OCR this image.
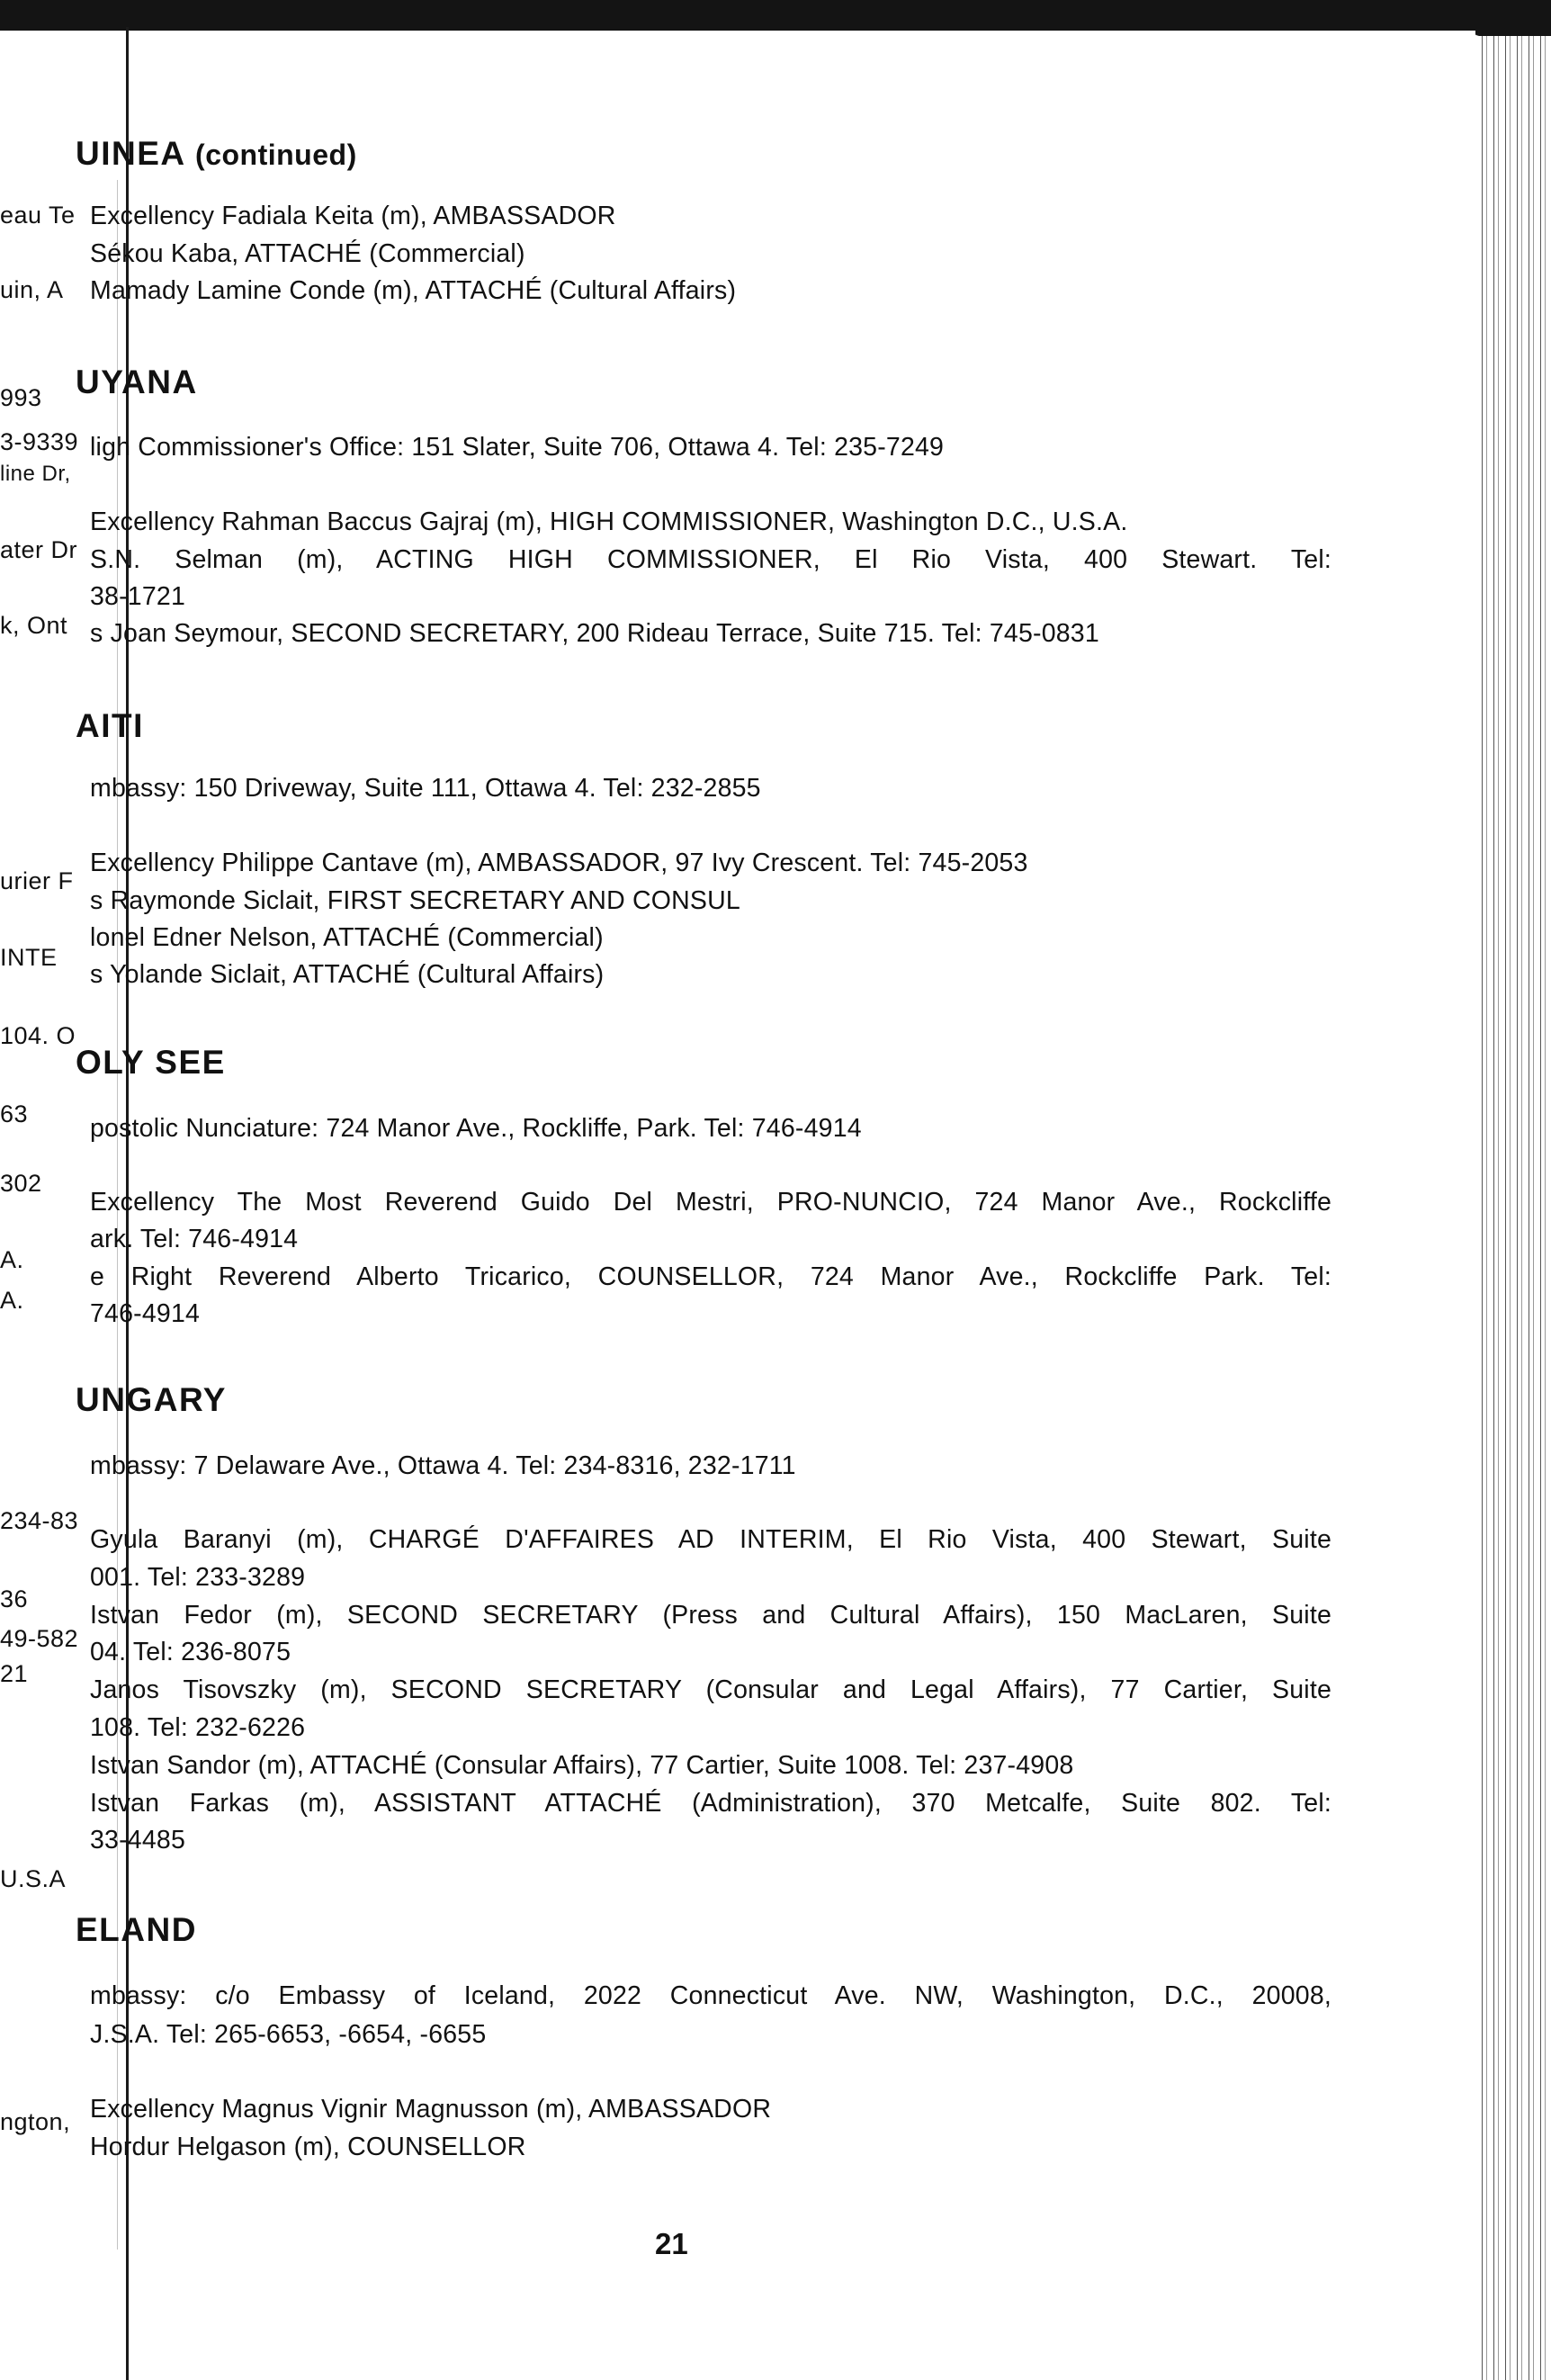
eau Te
uin, A
993
3-9339
line Dr,
ater Dr
k, Ont
urier F
INTE
104. O
63
302
A.
A.
234-83
36
49-582
21
U.S.A
ngton,
UINEA (continued)
Excellency Fadiala Keita (m), AMBASSADOR
Sékou Kaba, ATTACHÉ (Commercial)
Mamady Lamine Conde (m), ATTACHÉ (Cultural Affairs)
UYANA
ligh Commissioner's Office: 151 Slater, Suite 706, Ottawa 4. Tel: 235-7249
Excellency Rahman Baccus Gajraj (m), HIGH COMMISSIONER, Washington D.C., U.S.A.
S.N. Selman (m), ACTING HIGH COMMISSIONER, El Rio Vista, 400 Stewart. Tel:
38-1721
s Joan Seymour, SECOND SECRETARY, 200 Rideau Terrace, Suite 715. Tel: 745-0831
AITI
mbassy: 150 Driveway, Suite 111, Ottawa 4. Tel: 232-2855
Excellency Philippe Cantave (m), AMBASSADOR, 97 Ivy Crescent. Tel: 745-2053
s Raymonde Siclait, FIRST SECRETARY AND CONSUL
lonel Edner Nelson, ATTACHÉ (Commercial)
s Yolande Siclait, ATTACHÉ (Cultural Affairs)
OLY SEE
postolic Nunciature: 724 Manor Ave., Rockliffe, Park. Tel: 746-4914
Excellency The Most Reverend Guido Del Mestri, PRO-NUNCIO, 724 Manor Ave., Rockcliffe
ark. Tel: 746-4914
e Right Reverend Alberto Tricarico, COUNSELLOR, 724 Manor Ave., Rockcliffe Park. Tel:
746-4914
UNGARY
mbassy: 7 Delaware Ave., Ottawa 4. Tel: 234-8316, 232-1711
Gyula Baranyi (m), CHARGÉ D'AFFAIRES AD INTERIM, El Rio Vista, 400 Stewart, Suite
001. Tel: 233-3289
Istvan Fedor (m), SECOND SECRETARY (Press and Cultural Affairs), 150 MacLaren, Suite
04. Tel: 236-8075
Janos Tisovszky (m), SECOND SECRETARY (Consular and Legal Affairs), 77 Cartier, Suite
108. Tel: 232-6226
Istvan Sandor (m), ATTACHÉ (Consular Affairs), 77 Cartier, Suite 1008. Tel: 237-4908
Istvan Farkas (m), ASSISTANT ATTACHÉ (Administration), 370 Metcalfe, Suite 802. Tel:
33-4485
ELAND
mbassy: c/o Embassy of Iceland, 2022 Connecticut Ave. NW, Washington, D.C., 20008,
J.S.A. Tel: 265-6653, -6654, -6655
Excellency Magnus Vignir Magnusson (m), AMBASSADOR
Hordur Helgason (m), COUNSELLOR
21
